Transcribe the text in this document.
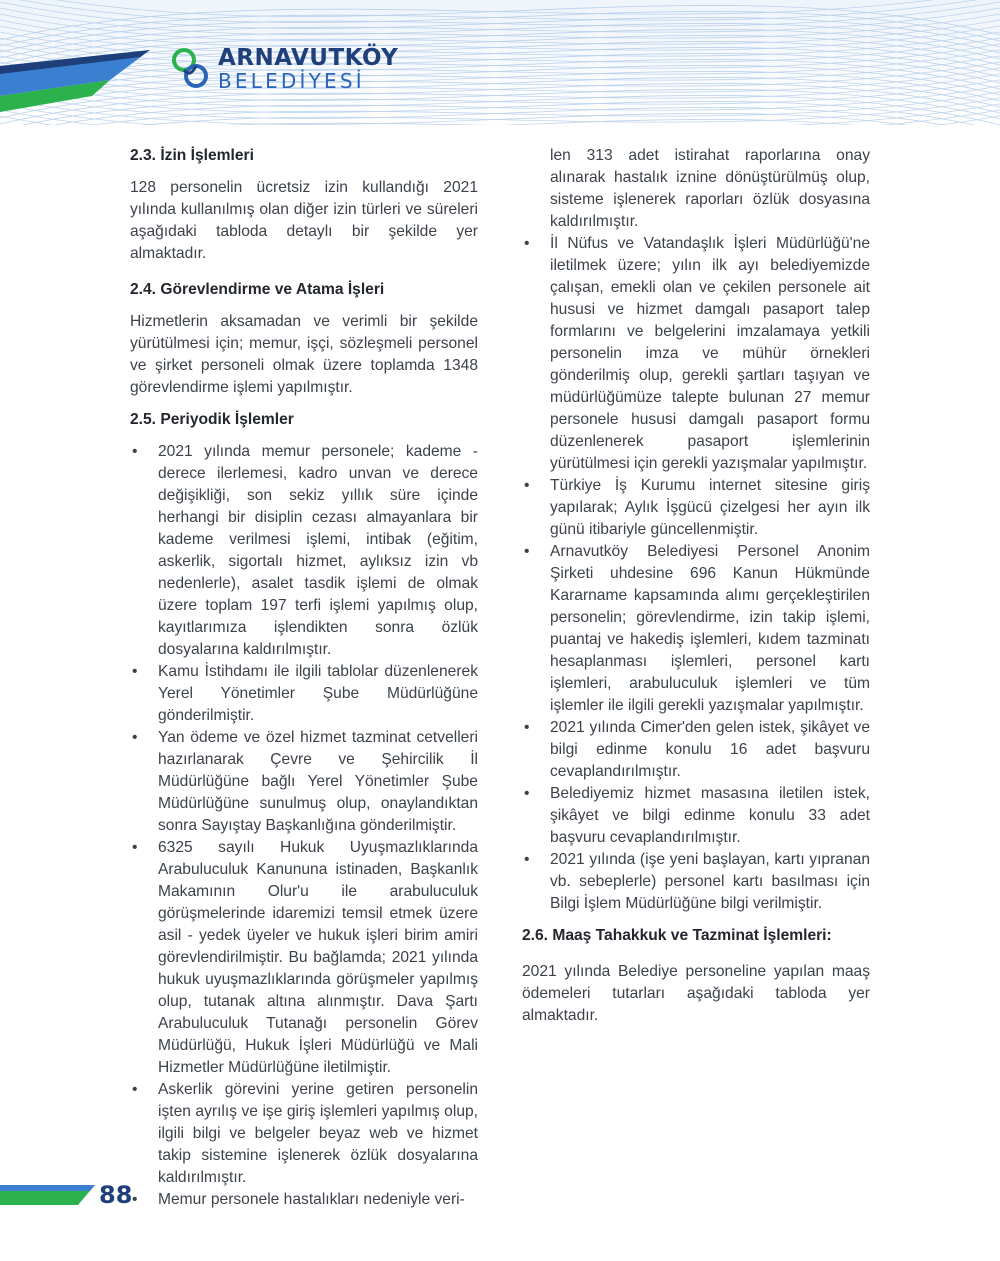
ARNAVUTKÖY
BELEDİYESİ
2.3. İzin İşlemleri

128 personelin ücretsiz izin kullandığı 2021 yılında kullanılmış olan diğer izin türleri ve süreleri aşağıdaki tabloda detaylı bir şekilde yer almaktadır.

2.4. Görevlendirme ve Atama İşleri

Hizmetlerin aksamadan ve verimli bir şekilde yürütülmesi için; memur, işçi, sözleşmeli personel ve şirket personeli olmak üzere toplamda 1348 görevlendirme işlemi yapılmıştır.

2.5. Periyodik İşlemler
• 2021 yılında memur personele; kademe - derece ilerlemesi, kadro unvan ve derece değişikliği, son sekiz yıllık süre içinde herhangi bir disiplin cezası almayanlara bir kademe verilmesi işlemi, intibak (eğitim, askerlik, sigortalı hizmet, aylıksız izin vb nedenlerle), asalet tasdik işlemi de olmak üzere toplam 197 terfi işlemi yapılmış olup, kayıtlarımıza işlendikten sonra özlük dosyalarına kaldırılmıştır.
• Kamu İstihdamı ile ilgili tablolar düzenlenerek Yerel Yönetimler Şube Müdürlüğüne gönderilmiştir.
• Yan ödeme ve özel hizmet tazminat cetvelleri hazırlanarak Çevre ve Şehircilik İl Müdürlüğüne bağlı Yerel Yönetimler Şube Müdürlüğüne sunulmuş olup, onaylandıktan sonra Sayıştay Başkanlığına gönderilmiştir.
• 6325 sayılı Hukuk Uyuşmazlıklarında Arabuluculuk Kanununa istinaden, Başkanlık Makamının Olur'u ile arabuluculuk görüşmelerinde idaremizi temsil etmek üzere asil - yedek üyeler ve hukuk işleri birim amiri görevlendirilmiştir. Bu bağlamda; 2021 yılında hukuk uyuşmazlıklarında görüşmeler yapılmış olup, tutanak altına alınmıştır. Dava Şartı Arabuluculuk Tutanağı personelin Görev Müdürlüğü, Hukuk İşleri Müdürlüğü ve Mali Hizmetler Müdürlüğüne iletilmiştir.
• Askerlik görevini yerine getiren personelin işten ayrılış ve işe giriş işlemleri yapılmış olup, ilgili bilgi ve belgeler beyaz web ve hizmet takip sistemine işlenerek özlük dosyalarına kaldırılmıştır.
• Memur personele hastalıkları nedeniyle veri-

len 313 adet istirahat raporlarına onay alınarak hastalık iznine dönüştürülmüş olup, sisteme işlenerek raporları özlük dosyasına kaldırılmıştır.

• İl Nüfus ve Vatandaşlık İşleri Müdürlüğü'ne iletilmek üzere; yılın ilk ayı belediyemizde çalışan, emekli olan ve çekilen personele ait hususi ve hizmet damgalı pasaport talep formlarını ve belgelerini imzalamaya yetkili personelin imza ve mühür örnekleri gönderilmiş olup, gerekli şartları taşıyan ve müdürlüğümüze talepte bulunan 27 memur personele hususi damgalı pasaport formu düzenlenerek pasaport işlemlerinin yürütülmesi için gerekli yazışmalar yapılmıştır.
• Türkiye İş Kurumu internet sitesine giriş yapılarak; Aylık İşgücü çizelgesi her ayın ilk günü itibariyle güncellenmiştir.
• Arnavutköy Belediyesi Personel Anonim Şirketi uhdesine 696 Kanun Hükmünde Kararname kapsamında alımı gerçekleştirilen personelin; görevlendirme, izin takip işlemi, puantaj ve hakediş işlemleri, kıdem tazminatı hesaplanması işlemleri, personel kartı işlemleri, arabuluculuk işlemleri ve tüm işlemler ile ilgili gerekli yazışmalar yapılmıştır.
• 2021 yılında Cimer'den gelen istek, şikâyet ve bilgi edinme konulu 16 adet başvuru cevaplandırılmıştır.
• Belediyemiz hizmet masasına iletilen istek, şikâyet ve bilgi edinme konulu 33 adet başvuru cevaplandırılmıştır.
• 2021 yılında (işe yeni başlayan, kartı yıpranan vb. sebeplerle) personel kartı basılması için Bilgi İşlem Müdürlüğüne bilgi verilmiştir.
2.6. Maaş Tahakkuk ve Tazminat İşlemleri:

2021 yılında Belediye personeline yapılan maaş ödemeleri tutarları aşağıdaki tabloda yer almaktadır.

88
